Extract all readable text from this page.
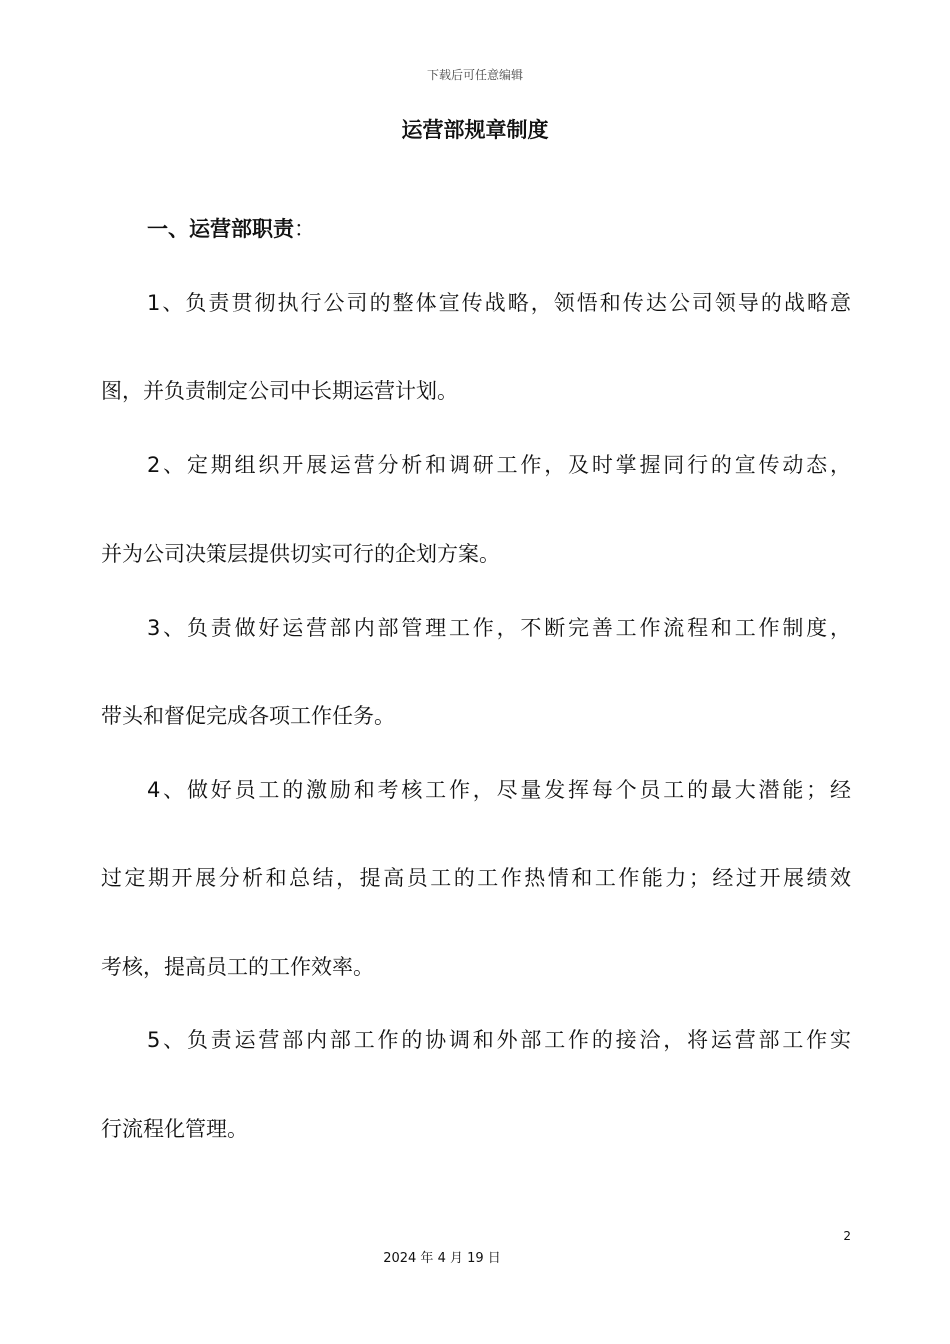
下载后可任意编辑
运营部规章制度
一、运营部职责：
1、负责贯彻执行公司的整体宣传战略，领悟和传达公司领导的战略意
图，并负责制定公司中长期运营计划。
2、定期组织开展运营分析和调研工作，及时掌握同行的宣传动态，
并为公司决策层提供切实可行的企划方案。
3、负责做好运营部内部管理工作，不断完善工作流程和工作制度，
带头和督促完成各项工作任务。
4、做好员工的激励和考核工作，尽量发挥每个员工的最大潜能；经
过定期开展分析和总结，提高员工的工作热情和工作能力；经过开展绩效
考核，提高员工的工作效率。
5、负责运营部内部工作的协调和外部工作的接洽，将运营部工作实
行流程化管理。
2
2024 年 4 月 19 日
